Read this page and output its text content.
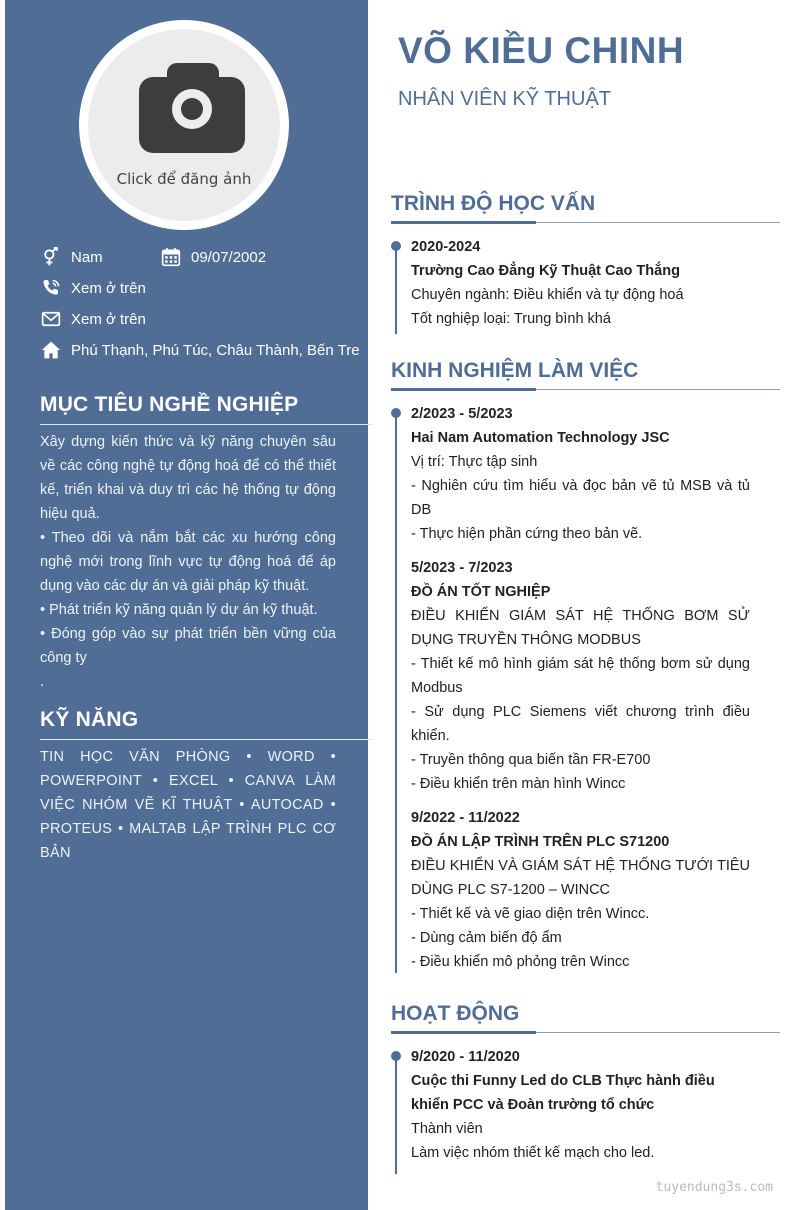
Click để đăng ảnh
Nam	09/07/2002
Xem ở trên
Xem ở trên
Phú Thạnh, Phú Túc, Châu Thành, Bến Tre
MỤC TIÊU NGHỀ NGHIỆP

Xây dựng kiến thức và kỹ năng chuyên sâu về các công nghệ tự động hoá để có thể thiết kế, triển khai và duy trì các hệ thống tự động hiệu quả.

• Theo dõi và nắm bắt các xu hướng công nghệ mới trong lĩnh vực tự động hoá để áp dụng vào các dự án và giải pháp kỹ thuật.

• Phát triển kỹ năng quản lý dự án kỹ thuật.

• Đóng góp vào sự phát triển bền vững của công ty

.

KỸ NĂNG
TIN HỌC VĂN PHÒNG • WORD • POWERPOINT • EXCEL • CANVA LÀM VIỆC NHÓM VẼ KĨ THUẬT • AUTOCAD • PROTEUS • MALTAB LẬP TRÌNH PLC CƠ BẢN
VÕ KIỀU CHINH
NHÂN VIÊN KỸ THUẬT
TRÌNH ĐỘ HỌC VẤN
2020-2024
Trường Cao Đẳng Kỹ Thuật Cao Thắng
Chuyên ngành: Điều khiển và tự động hoá
Tốt nghiệp loại: Trung bình khá
KINH NGHIỆM LÀM VIỆC
2/2023 - 5/2023
Hai Nam Automation Technology JSC
Vị trí: Thực tập sinh
- Nghiên cứu tìm hiểu và đọc bản vẽ tủ MSB và tủ DB
- Thực hiện phần cứng theo bản vẽ.
5/2023 - 7/2023
ĐỒ ÁN TỐT NGHIỆP
ĐIỀU KHIỂN GIÁM SÁT HỆ THỐNG BƠM SỬ DỤNG TRUYỀN THÔNG MODBUS
- Thiết kế mô hình giám sát hệ thống bơm sử dụng Modbus
- Sử dụng PLC Siemens viết chương trình điều khiển.
- Truyền thông qua biến tần FR-E700
- Điều khiển trên màn hình Wincc
9/2022 - 11/2022
ĐỒ ÁN LẬP TRÌNH TRÊN PLC S71200
ĐIỀU KHIỂN VÀ GIÁM SÁT HỆ THỐNG TƯỚI TIÊU DÙNG PLC S7-1200 – WINCC
- Thiết kế và vẽ giao diện trên Wincc.
- Dùng cảm biến độ ẩm
- Điều khiển mô phỏng trên Wincc
HOẠT ĐỘNG
9/2020 - 11/2020
Cuộc thi Funny Led do CLB Thực hành điều khiển PCC và Đoàn trường tổ chức
Thành viên
Làm việc nhóm thiết kế mạch cho led.
tuyendung3s.com
